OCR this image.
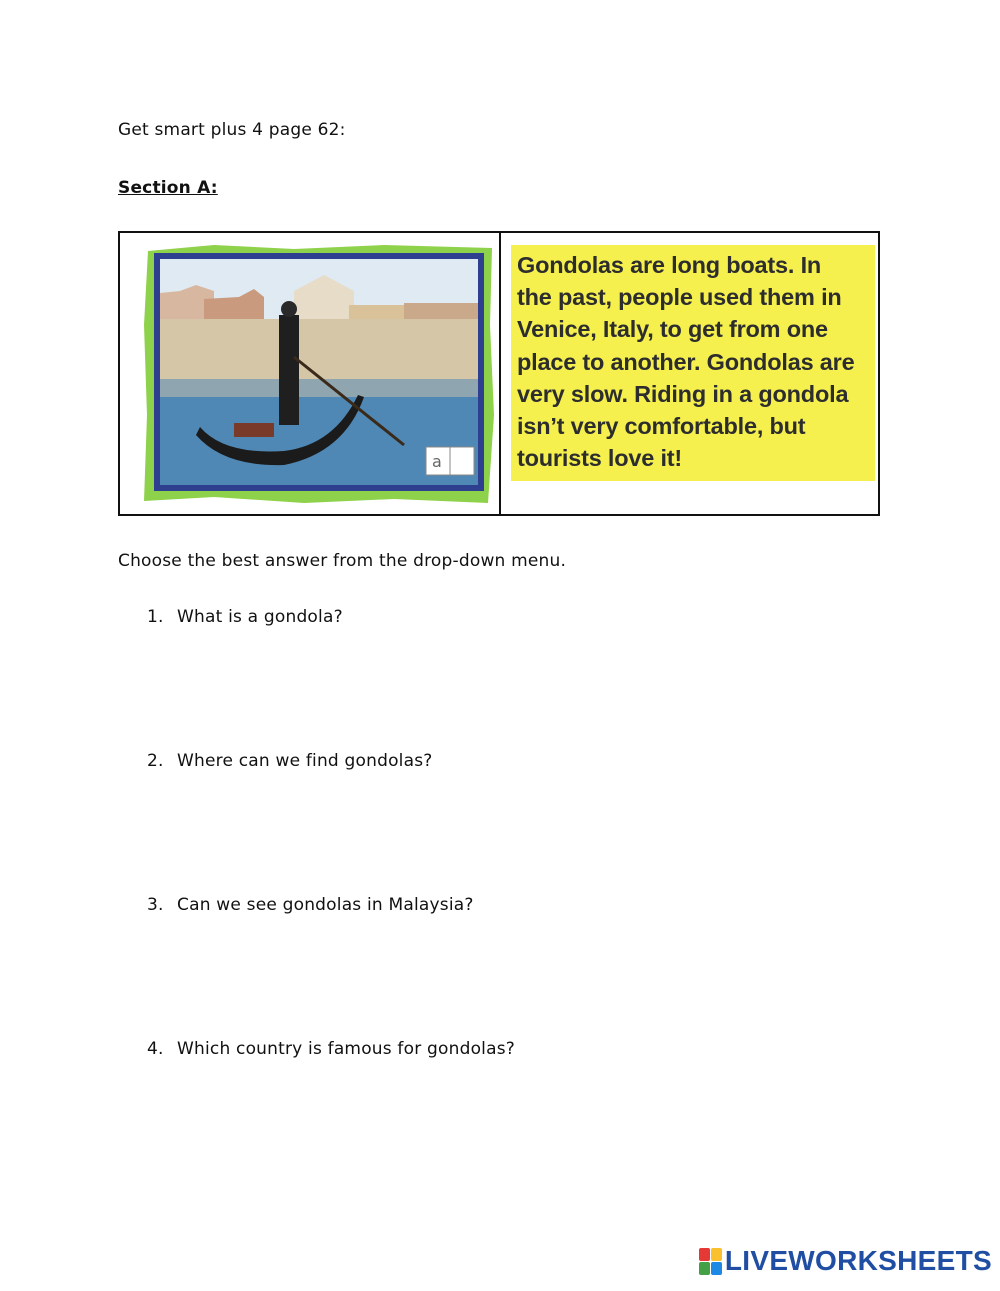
Get smart plus 4 page 62:
Section A:
a
Gondolas are long boats. In
the past, people used them in
Venice, Italy, to get from one
place to another. Gondolas are
very slow. Riding in a gondola
isn’t very comfortable, but
tourists love it!
Choose the best answer from the drop-down menu.
1. What is a gondola?
2. Where can we find gondolas?
3. Can we see gondolas in Malaysia?
4. Which country is famous for gondolas?
LIVEWORKSHEETS
